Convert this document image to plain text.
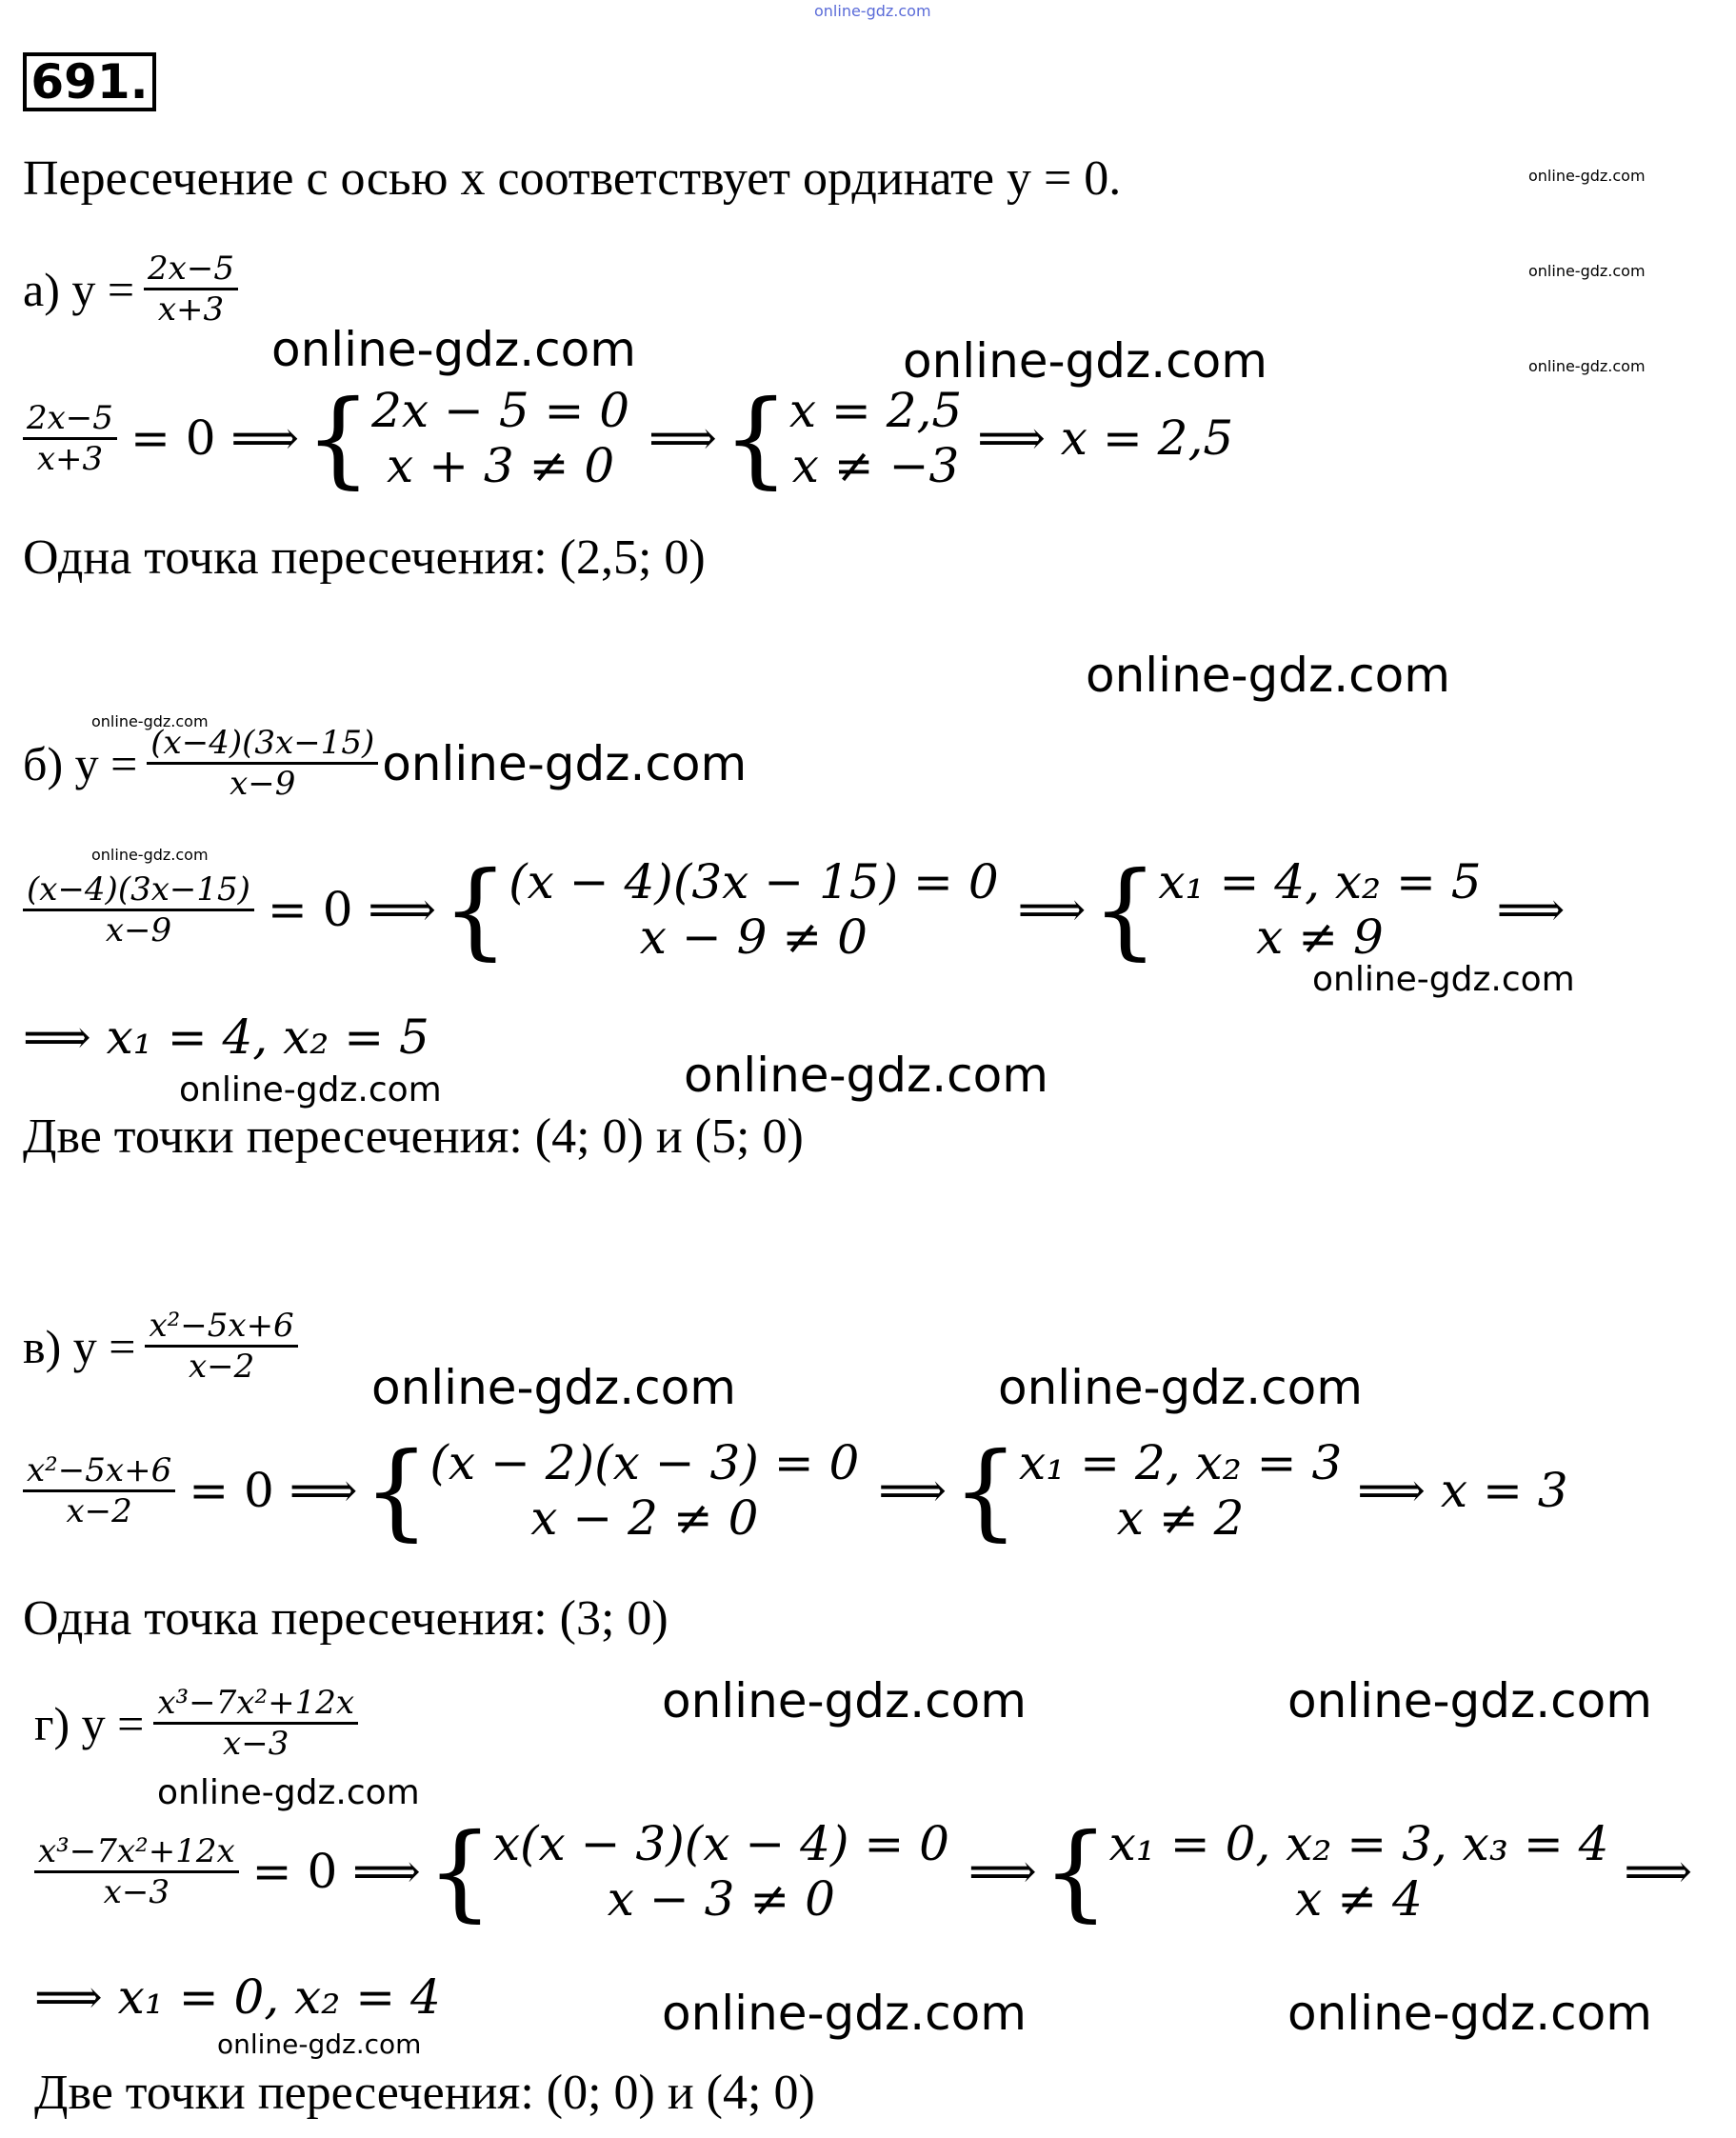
online-gdz.com
691.
Пересечение с осью x соответствует ординате y = 0.	online-gdz.com
online-gdz.com
online-gdz.com
а) $y = \frac{2x-5}{x+3}$
online-gdz.com	online-gdz.com
$\frac{2x-5}{x+3} = 0$ ⟹ { 2x − 5 = 0
x + 3 ≠ 0 ⟹ { x = 2,5
x ≠ −3 ⟹ x = 2,5
Одна точка пересечения: (2,5; 0)
online-gdz.com
online-gdz.com
б) $y = \frac{(x-4)(3x-15)}{x-9}$ online-gdz.com
online-gdz.com
$\frac{(x-4)(3x-15)}{x-9} = 0$ ⟹ { (x − 4)(3x − 15) = 0
x − 9 ≠ 0	⟹ { x₁ = 4, x₂ = 5
x ≠ 9 ⟹
online-gdz.com
⟹ x₁ = 4, x₂ = 5
online-gdz.com	online-gdz.com
Две точки пересечения: (4; 0) и (5; 0)
в) $y = \frac{\text{x²−5x+6}}{x-2}$
online-gdz.com	online-gdz.com
$\frac{\text{x²−5x+6}}{x-2} = 0$ ⟹ { (x − 2)(x − 3) = 0
x − 2 ≠ 0	⟹ { x₁ = 2, x₂ = 3
x ≠ 2 ⟹ x = 3
Одна точка пересечения: (3; 0)
г) $y = \frac{\text{x³−7x²+12x}}{x-3}$	online-gdz.com	online-gdz.com
online-gdz.com
$\frac{\text{x³−7x²+12x}}{x-3} = 0$ ⟹ { x(x − 3)(x − 4) = 0
x − 3 ≠ 0	⟹ { x₁ = 0, x₂ = 3, x₃ = 4
x ≠ 4	⟹
⟹ x₁ = 0, x₂ = 4
online-gdz.com
online-gdz.com	online-gdz.com
Две точки пересечения: (0; 0) и (4; 0)
